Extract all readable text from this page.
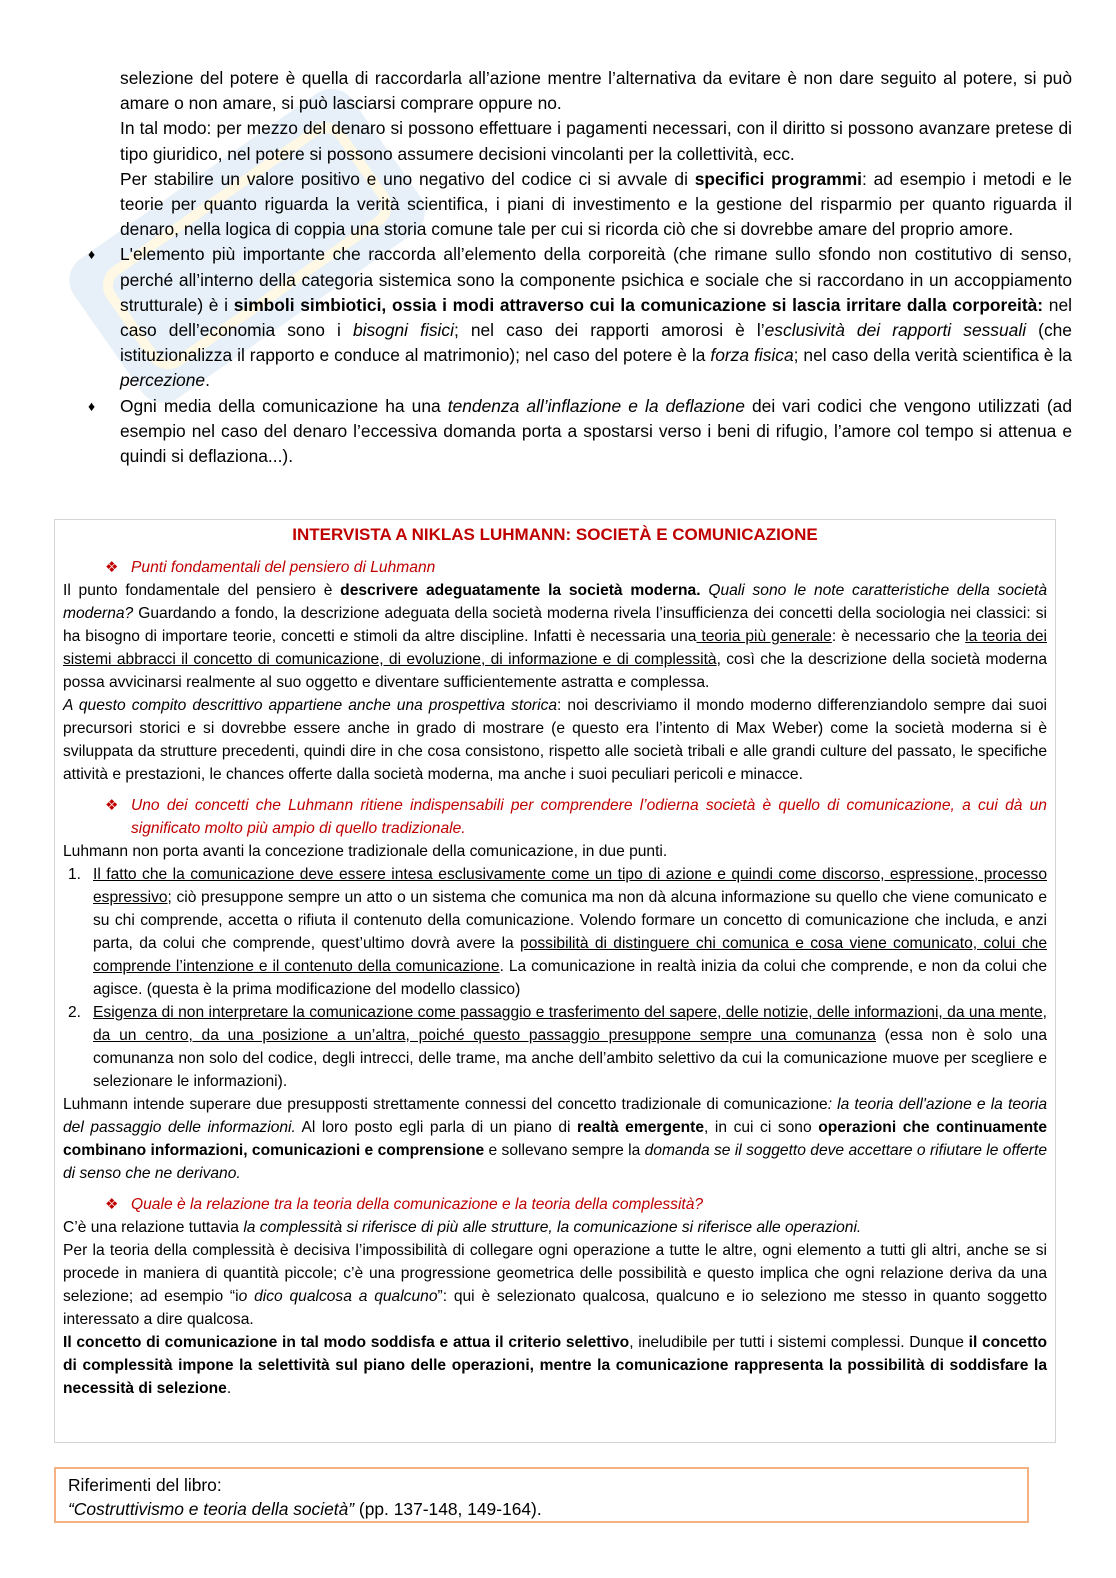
selezione del potere è quella di raccordarla all’azione mentre l’alternativa da evitare è non dare seguito al potere, si può amare o non amare, si può lasciarsi comprare oppure no.

In tal modo: per mezzo del denaro si possono effettuare i pagamenti necessari, con il diritto si possono avanzare pretese di tipo giuridico, nel potere si possono assumere decisioni vincolanti per la collettività, ecc.

Per stabilire un valore positivo e uno negativo del codice ci si avvale di specifici programmi: ad esempio i metodi e le teorie per quanto riguarda la verità scientifica, i piani di investimento e la gestione del risparmio per quanto riguarda il denaro, nella logica di coppia una storia comune tale per cui si ricorda ciò che si dovrebbe amare del proprio amore.

♦ L'elemento più importante che raccorda all’elemento della corporeità (che rimane sullo sfondo non costitutivo di senso, perché all’interno della categoria sistemica sono la componente psichica e sociale che si raccordano in un accoppiamento strutturale) è i simboli simbiotici, ossia i modi attraverso cui la comunicazione si lascia irritare dalla corporeità: nel caso dell’economia sono i bisogni fisici; nel caso dei rapporti amorosi è l’esclusività dei rapporti sessuali (che istituzionalizza il rapporto e conduce al matrimonio); nel caso del potere è la forza fisica; nel caso della verità scientifica è la percezione.

♦ Ogni media della comunicazione ha una tendenza all’inflazione e la deflazione dei vari codici che vengono utilizzati (ad esempio nel caso del denaro l’eccessiva domanda porta a spostarsi verso i beni di rifugio, l’amore col tempo si attenua e quindi si deflaziona...).

INTERVISTA A NIKLAS LUHMANN: SOCIETÀ E COMUNICAZIONE

❖ Punti fondamentali del pensiero di Luhmann

Il punto fondamentale del pensiero è descrivere adeguatamente la società moderna. Quali sono le note caratteristiche della società moderna? Guardando a fondo, la descrizione adeguata della società moderna rivela l’insufficienza dei concetti della sociologia nei classici: si ha bisogno di importare teorie, concetti e stimoli da altre discipline. Infatti è necessaria una teoria più generale: è necessario che la teoria dei sistemi abbracci il concetto di comunicazione, di evoluzione, di informazione e di complessità, così che la descrizione della società moderna possa avvicinarsi realmente al suo oggetto e diventare sufficientemente astratta e complessa.

A questo compito descrittivo appartiene anche una prospettiva storica: noi descriviamo il mondo moderno differenziandolo sempre dai suoi precursori storici e si dovrebbe essere anche in grado di mostrare (e questo era l’intento di Max Weber) come la società moderna si è sviluppata da strutture precedenti, quindi dire in che cosa consistono, rispetto alle società tribali e alle grandi culture del passato, le specifiche attività e prestazioni, le chances offerte dalla società moderna, ma anche i suoi peculiari pericoli e minacce.

❖ Uno dei concetti che Luhmann ritiene indispensabili per comprendere l’odierna società è quello di comunicazione, a cui dà un significato molto più ampio di quello tradizionale.

Luhmann non porta avanti la concezione tradizionale della comunicazione, in due punti.

1. Il fatto che la comunicazione deve essere intesa esclusivamente come un tipo di azione e quindi come discorso, espressione, processo espressivo; ciò presuppone sempre un atto o un sistema che comunica ma non dà alcuna informazione su quello che viene comunicato e su chi comprende, accetta o rifiuta il contenuto della comunicazione. Volendo formare un concetto di comunicazione che includa, e anzi parta, da colui che comprende, quest’ultimo dovrà avere la possibilità di distinguere chi comunica e cosa viene comunicato, colui che comprende l’intenzione e il contenuto della comunicazione. La comunicazione in realtà inizia da colui che comprende, e non da colui che agisce. (questa è la prima modificazione del modello classico)

2. Esigenza di non interpretare la comunicazione come passaggio e trasferimento del sapere, delle notizie, delle informazioni, da una mente, da un centro, da una posizione a un’altra, poiché questo passaggio presuppone sempre una comunanza (essa non è solo una comunanza non solo del codice, degli intrecci, delle trame, ma anche dell’ambito selettivo da cui la comunicazione muove per scegliere e selezionare le informazioni).

Luhmann intende superare due presupposti strettamente connessi del concetto tradizionale di comunicazione: la teoria dell'azione e la teoria del passaggio delle informazioni. Al loro posto egli parla di un piano di realtà emergente, in cui ci sono operazioni che continuamente combinano informazioni, comunicazioni e comprensione e sollevano sempre la domanda se il soggetto deve accettare o rifiutare le offerte di senso che ne derivano.

❖ Quale è la relazione tra la teoria della comunicazione e la teoria della complessità?

C’è una relazione tuttavia la complessità si riferisce di più alle strutture, la comunicazione si riferisce alle operazioni.

Per la teoria della complessità è decisiva l’impossibilità di collegare ogni operazione a tutte le altre, ogni elemento a tutti gli altri, anche se si procede in maniera di quantità piccole; c’è una progressione geometrica delle possibilità e questo implica che ogni relazione deriva da una selezione; ad esempio “io dico qualcosa a qualcuno”: qui è selezionato qualcosa, qualcuno e io seleziono me stesso in quanto soggetto interessato a dire qualcosa.

Il concetto di comunicazione in tal modo soddisfa e attua il criterio selettivo, ineludibile per tutti i sistemi complessi. Dunque il concetto di complessità impone la selettività sul piano delle operazioni, mentre la comunicazione rappresenta la possibilità di soddisfare la necessità di selezione.

Riferimenti del libro:
“Costruttivismo e teoria della società” (pp. 137-148, 149-164).
